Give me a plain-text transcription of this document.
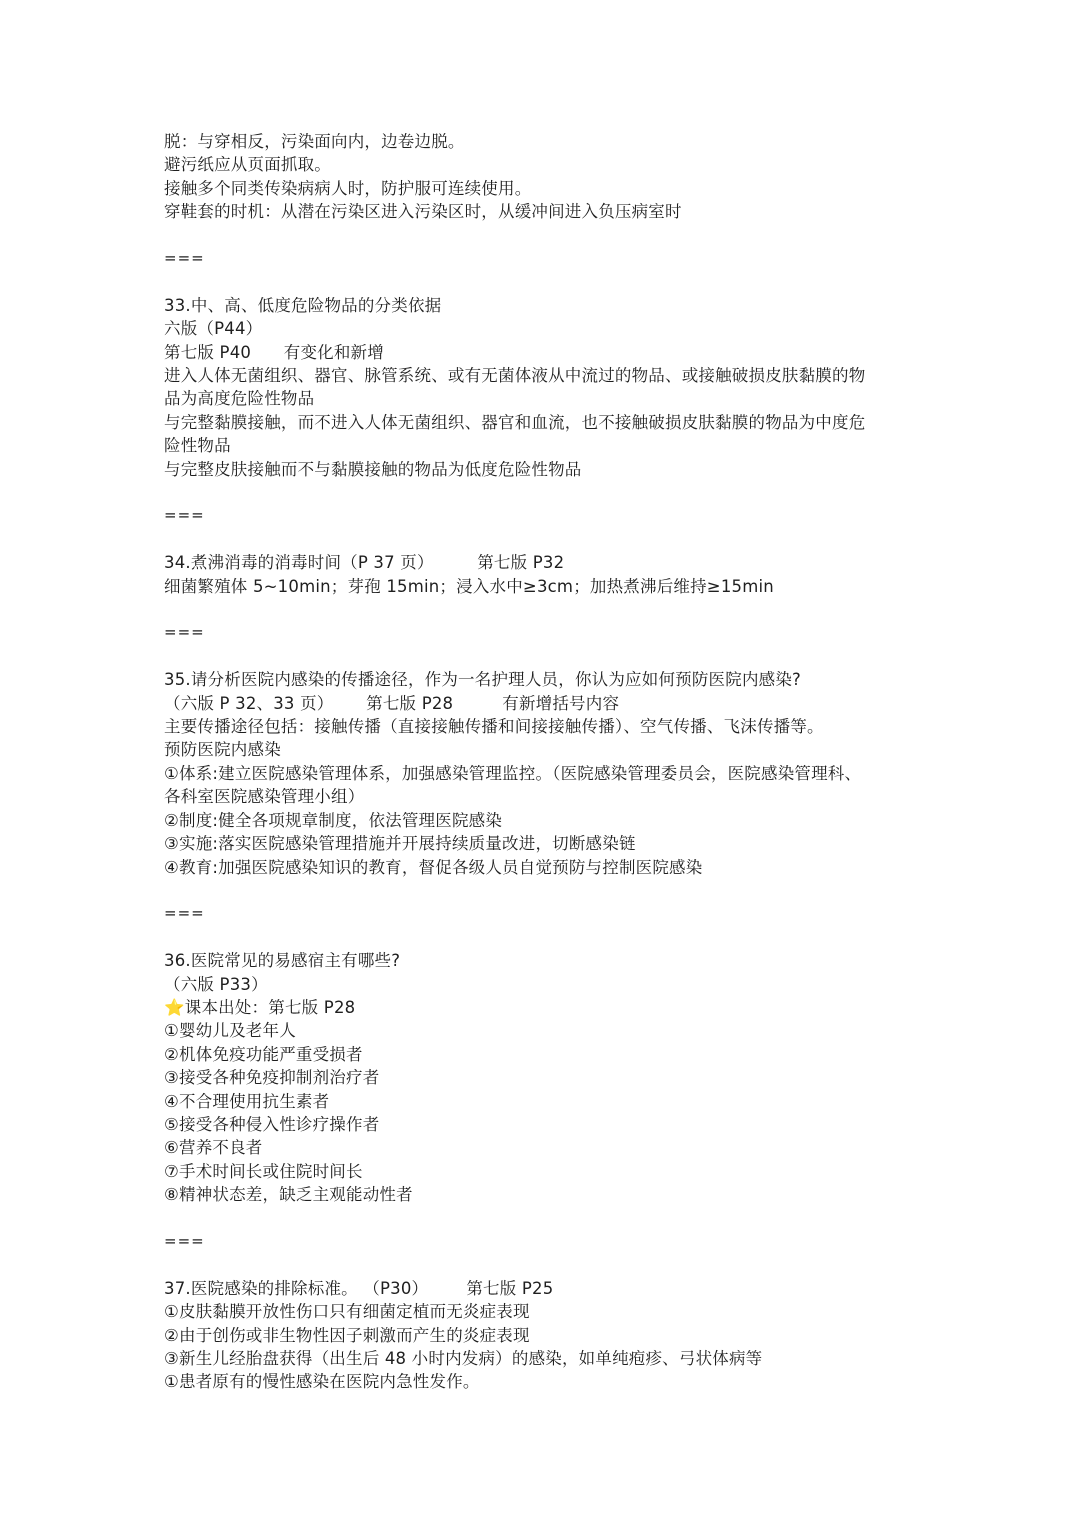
脱：与穿相反，污染面向内，边卷边脱。
避污纸应从页面抓取。
接触多个同类传染病病人时，防护服可连续使用。
穿鞋套的时机：从潜在污染区进入污染区时，从缓冲间进入负压病室时
===
33.中、高、低度危险物品的分类依据
六版（P44）
第七版 P40      有变化和新增
进入人体无菌组织、器官、脉管系统、或有无菌体液从中流过的物品、或接触破损皮肤黏膜的物
品为高度危险性物品
与完整黏膜接触，而不进入人体无菌组织、器官和血流，也不接触破损皮肤黏膜的物品为中度危
险性物品
与完整皮肤接触而不与黏膜接触的物品为低度危险性物品
===
34.煮沸消毒的消毒时间（P 37 页）        第七版 P32
细菌繁殖体 5~10min；芽孢 15min；浸入水中≥3cm；加热煮沸后维持≥15min
===
35.请分析医院内感染的传播途径，作为一名护理人员，你认为应如何预防医院内感染?
（六版 P 32、33 页）      第七版 P28         有新增括号内容
主要传播途径包括：接触传播（直接接触传播和间接接触传播）、空气传播、飞沫传播等。
预防医院内感染
①体系:建立医院感染管理体系，加强感染管理监控。（医院感染管理委员会，医院感染管理科、
各科室医院感染管理小组）
②制度:健全各项规章制度，依法管理医院感染
③实施:落实医院感染管理措施并开展持续质量改进，切断感染链
④教育:加强医院感染知识的教育，督促各级人员自觉预防与控制医院感染
===
36.医院常见的易感宿主有哪些?
（六版 P33）
⭐课本出处：第七版 P28
①婴幼儿及老年人
②机体免疫功能严重受损者
③接受各种免疫抑制剂治疗者
④不合理使用抗生素者
⑤接受各种侵入性诊疗操作者
⑥营养不良者
⑦手术时间长或住院时间长
⑧精神状态差，缺乏主观能动性者
===
37.医院感染的排除标准。 （P30）       第七版 P25
①皮肤黏膜开放性伤口只有细菌定植而无炎症表现
②由于创伤或非生物性因子刺激而产生的炎症表现
③新生儿经胎盘获得（出生后 48 小时内发病）的感染，如单纯疱疹、弓状体病等
①患者原有的慢性感染在医院内急性发作。
